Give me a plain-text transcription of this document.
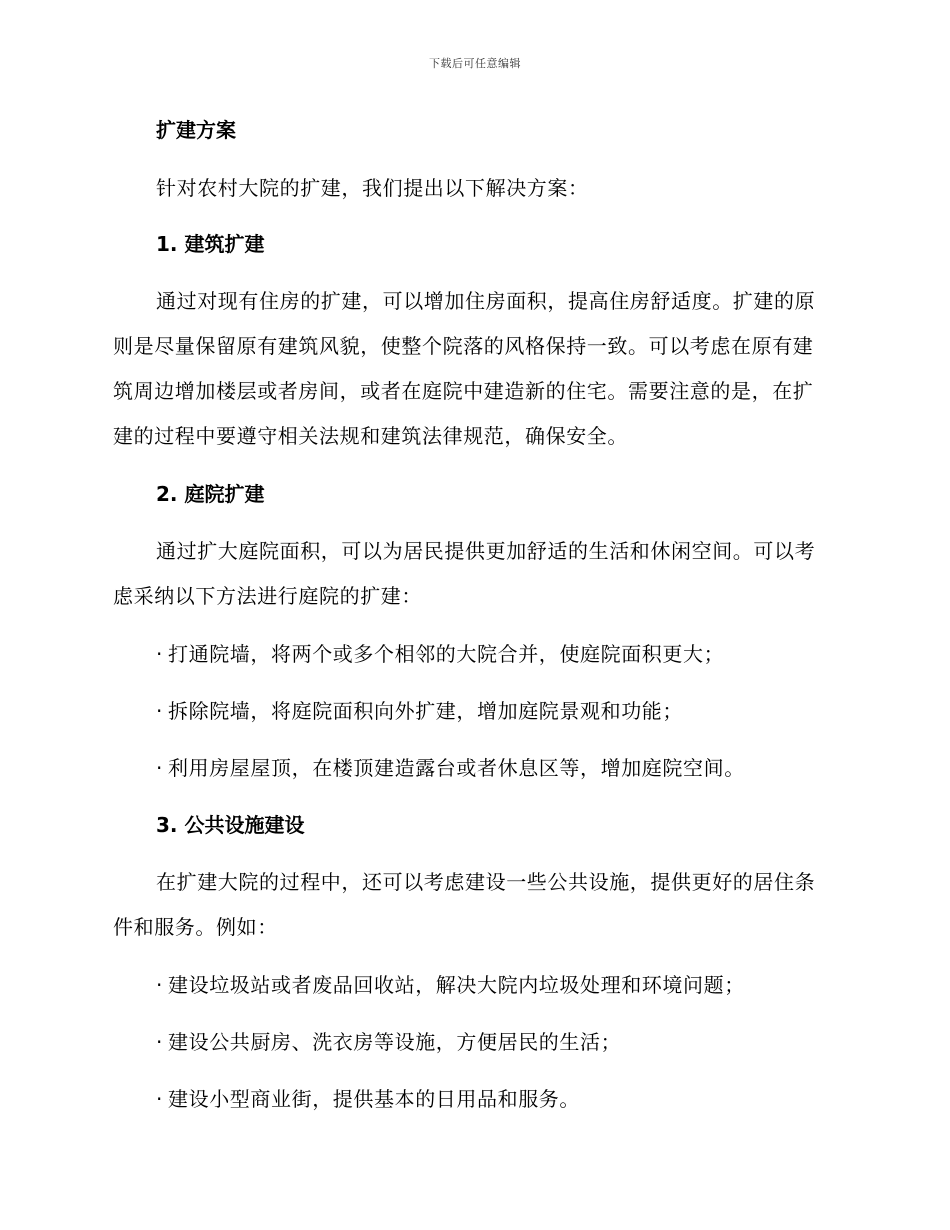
下载后可任意编辑

扩建方案

针对农村大院的扩建，我们提出以下解决方案：

1. 建筑扩建

通过对现有住房的扩建，可以增加住房面积，提高住房舒适度。扩建的原则是尽量保留原有建筑风貌，使整个院落的风格保持一致。可以考虑在原有建筑周边增加楼层或者房间，或者在庭院中建造新的住宅。需要注意的是，在扩建的过程中要遵守相关法规和建筑法律规范，确保安全。

2. 庭院扩建

通过扩大庭院面积，可以为居民提供更加舒适的生活和休闲空间。可以考虑采纳以下方法进行庭院的扩建：

· 打通院墙，将两个或多个相邻的大院合并，使庭院面积更大；

· 拆除院墙，将庭院面积向外扩建，增加庭院景观和功能；

· 利用房屋屋顶，在楼顶建造露台或者休息区等，增加庭院空间。

3. 公共设施建设

在扩建大院的过程中，还可以考虑建设一些公共设施，提供更好的居住条件和服务。例如：

· 建设垃圾站或者废品回收站，解决大院内垃圾处理和环境问题；

· 建设公共厨房、洗衣房等设施，方便居民的生活；

· 建设小型商业街，提供基本的日用品和服务。
